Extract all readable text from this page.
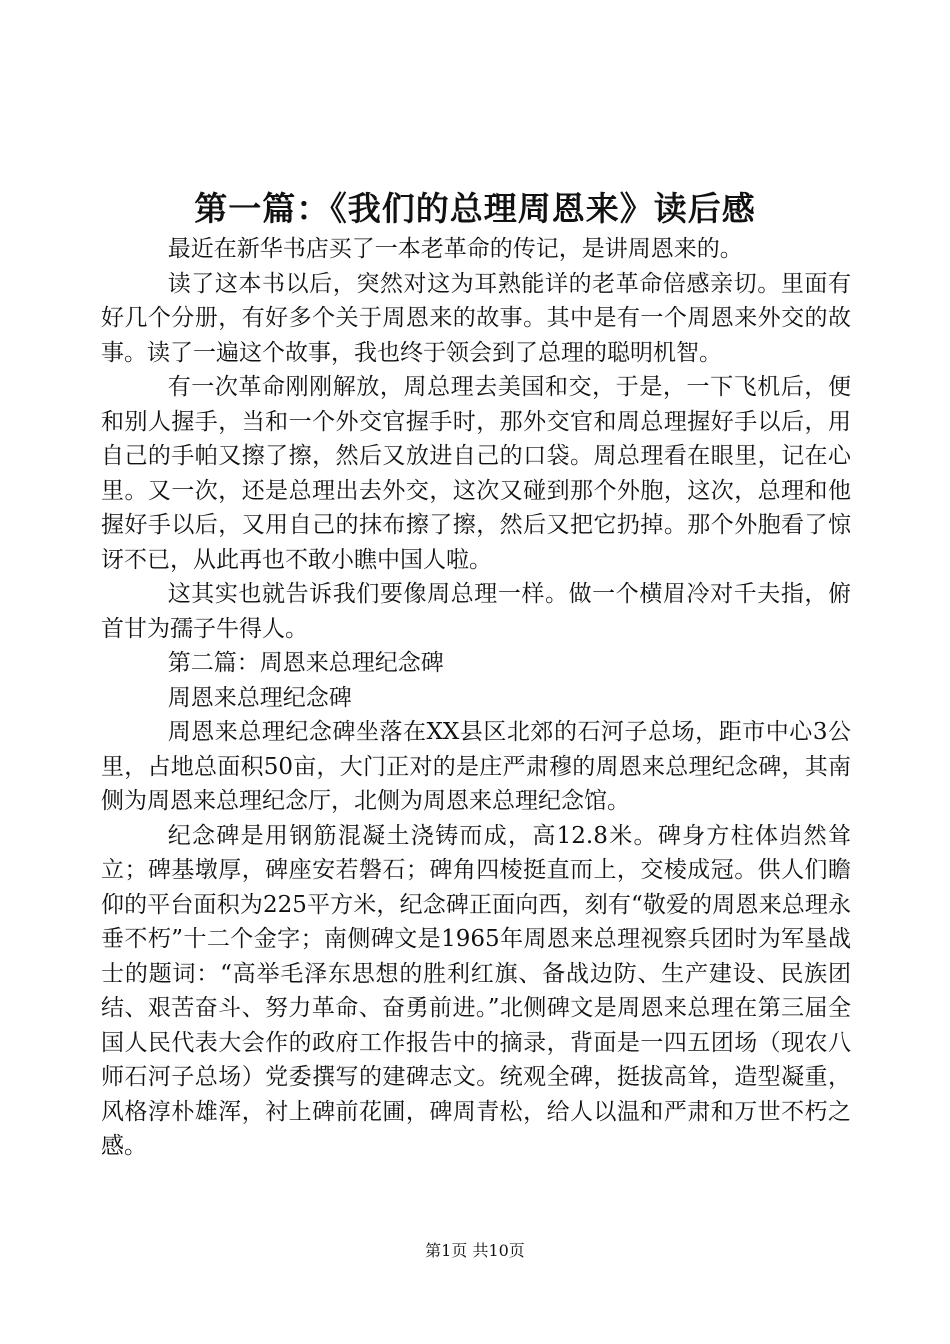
第一篇：《我们的总理周恩来》读后感

最近在新华书店买了一本老革命的传记，是讲周恩来的。

读了这本书以后，突然对这为耳熟能详的老革命倍感亲切。里面有好几个分册，有好多个关于周恩来的故事。其中是有一个周恩来外交的故事。读了一遍这个故事，我也终于领会到了总理的聪明机智。

有一次革命刚刚解放，周总理去美国和交，于是，一下飞机后，便和别人握手，当和一个外交官握手时，那外交官和周总理握好手以后，用自己的手帕又擦了擦，然后又放进自己的口袋。周总理看在眼里，记在心里。又一次，还是总理出去外交，这次又碰到那个外胞，这次，总理和他握好手以后，又用自己的抹布擦了擦，然后又把它扔掉。那个外胞看了惊讶不已，从此再也不敢小瞧中国人啦。

这其实也就告诉我们要像周总理一样。做一个横眉冷对千夫指，俯首甘为孺子牛得人。

第二篇：周恩来总理纪念碑

周恩来总理纪念碑

周恩来总理纪念碑坐落在XX县区北郊的石河子总场，距市中心3公里，占地总面积50亩，大门正对的是庄严肃穆的周恩来总理纪念碑，其南侧为周恩来总理纪念厅，北侧为周恩来总理纪念馆。

纪念碑是用钢筋混凝土浇铸而成，高12.8米。碑身方柱体岿然耸立；碑基墩厚，碑座安若磐石；碑角四棱挺直而上，交棱成冠。供人们瞻仰的平台面积为225平方米，纪念碑正面向西，刻有“敬爱的周恩来总理永垂不朽”十二个金字；南侧碑文是1965年周恩来总理视察兵团时为军垦战士的题词：“高举毛泽东思想的胜利红旗、备战边防、生产建设、民族团结、艰苦奋斗、努力革命、奋勇前进。”北侧碑文是周恩来总理在第三届全国人民代表大会作的政府工作报告中的摘录，背面是一四五团场（现农八师石河子总场）党委撰写的建碑志文。统观全碑，挺拔高耸，造型凝重，风格淳朴雄浑，衬上碑前花圃，碑周青松，给人以温和严肃和万世不朽之感。

第1页 共10页
